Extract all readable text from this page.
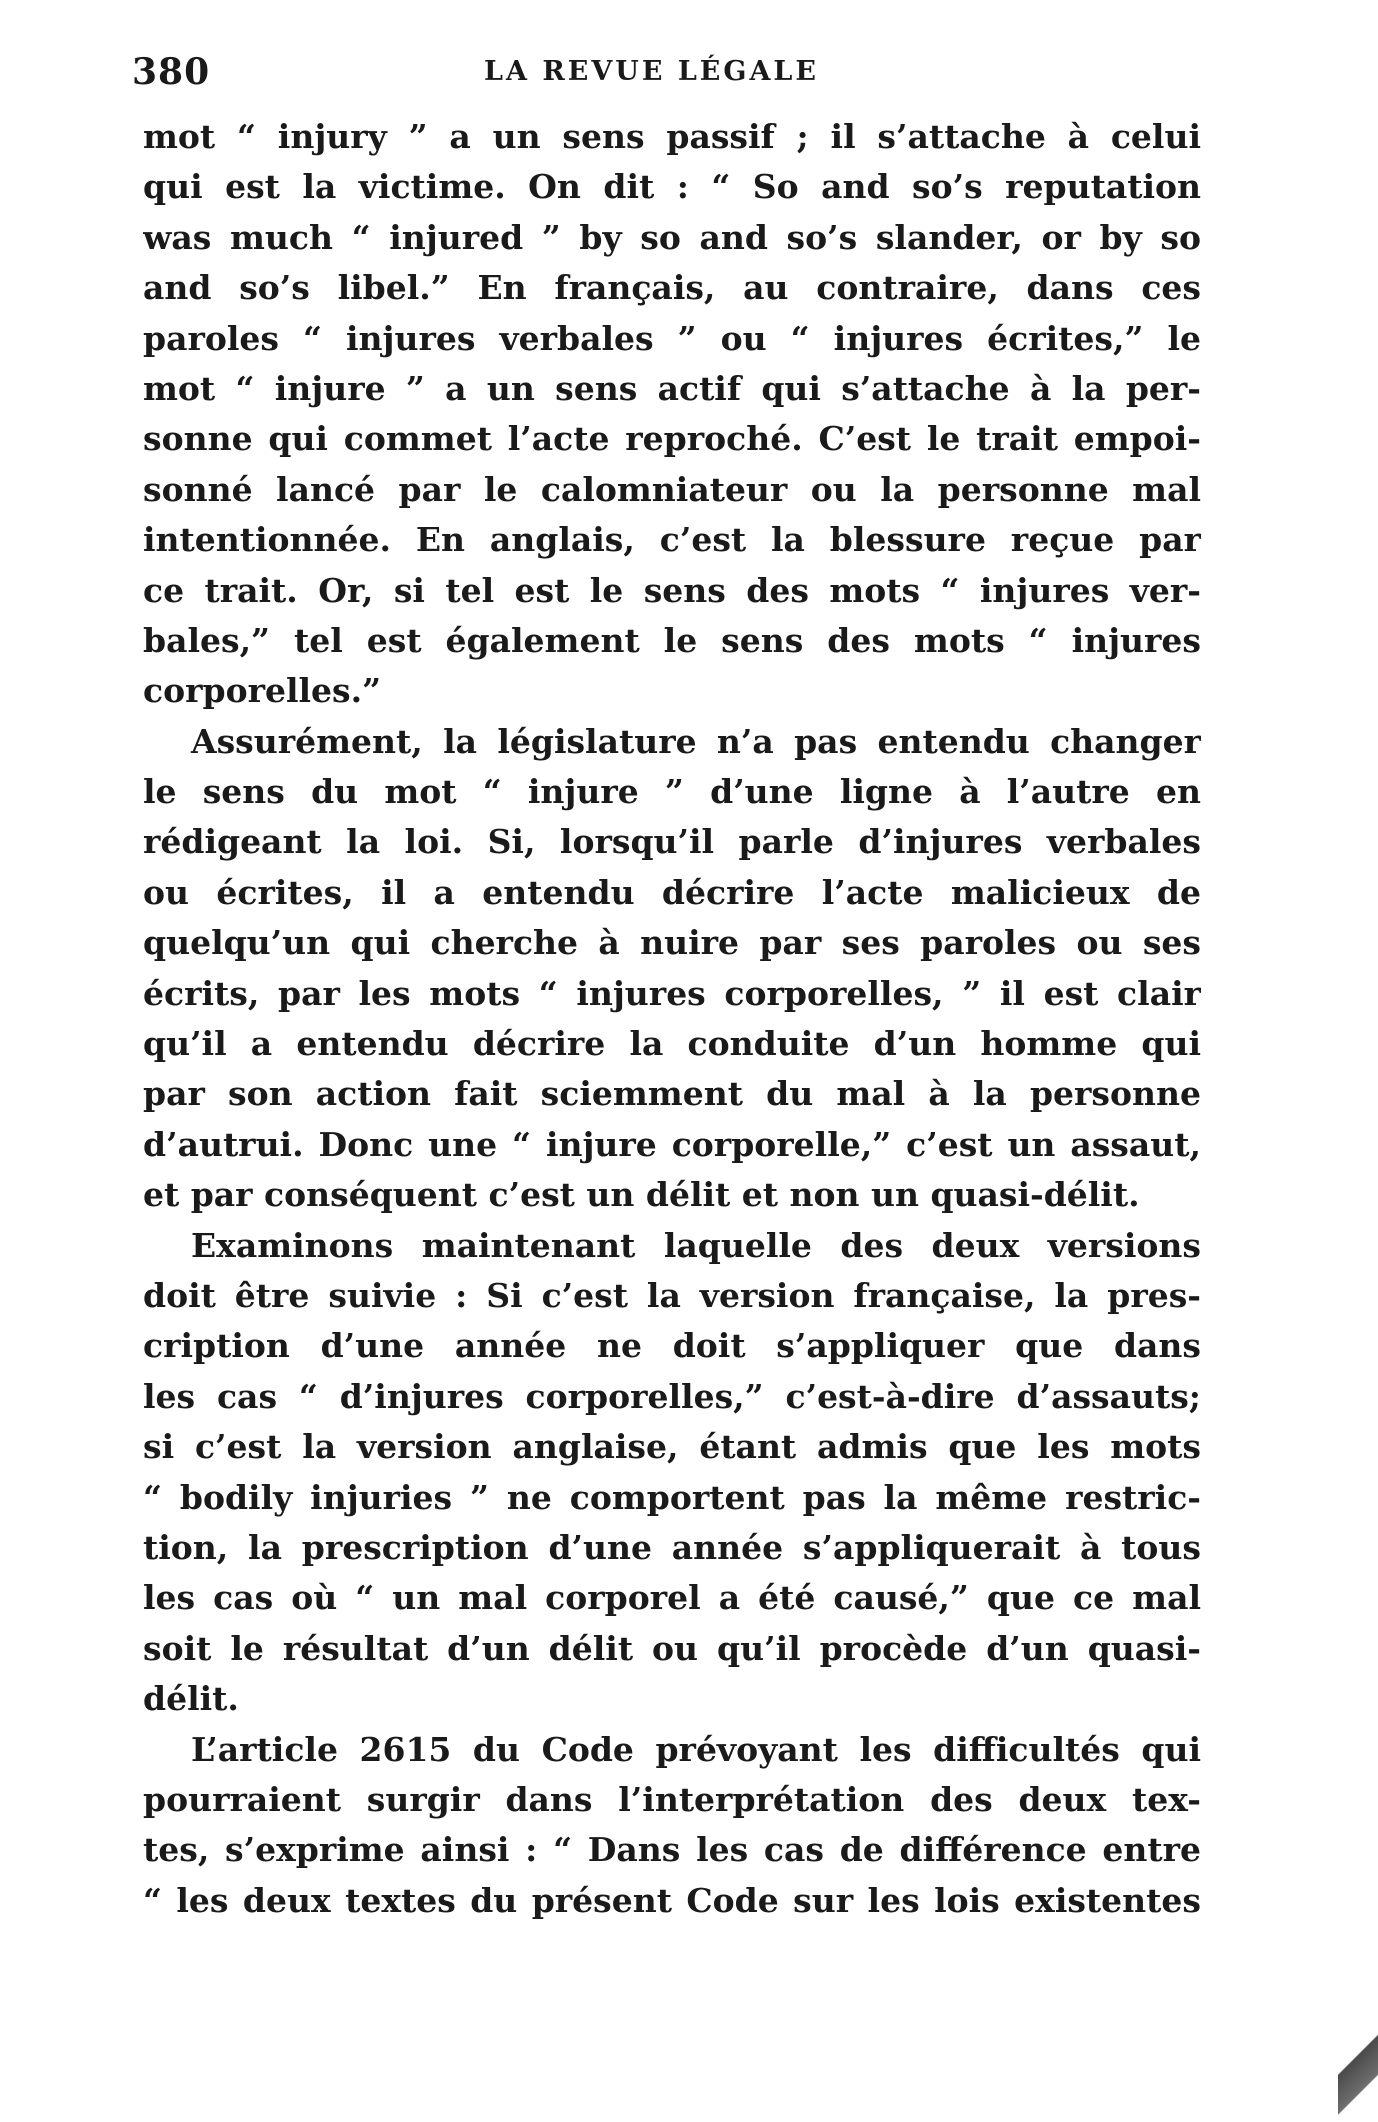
380	LA REVUE LÉGALE
mot “ injury ” a un sens passif ; il s’attache à celui
qui est la victime. On dit : “ So and so’s reputation
was much “ injured ” by so and so’s slander, or by so
and so’s libel.” En français, au contraire, dans ces
paroles “ injures verbales ” ou “ injures écrites,” le
mot “ injure ” a un sens actif qui s’attache à la per-
sonne qui commet l’acte reproché. C’est le trait empoi-
sonné lancé par le calomniateur ou la personne mal
intentionnée. En anglais, c’est la blessure reçue par
ce trait. Or, si tel est le sens des mots “ injures ver-
bales,” tel est également le sens des mots “ injures
corporelles.”
Assurément, la législature n’a pas entendu changer
le sens du mot “ injure ” d’une ligne à l’autre en
rédigeant la loi. Si, lorsqu’il parle d’injures verbales
ou écrites, il a entendu décrire l’acte malicieux de
quelqu’un qui cherche à nuire par ses paroles ou ses
écrits, par les mots “ injures corporelles, ” il est clair
qu’il a entendu décrire la conduite d’un homme qui
par son action fait sciemment du mal à la personne
d’autrui. Donc une “ injure corporelle,” c’est un assaut,
et par conséquent c’est un délit et non un quasi-délit.
Examinons maintenant laquelle des deux versions
doit être suivie : Si c’est la version française, la pres-
cription d’une année ne doit s’appliquer que dans
les cas “ d’injures corporelles,” c’est-à-dire d’assauts;
si c’est la version anglaise, étant admis que les mots
“ bodily injuries ” ne comportent pas la même restric-
tion, la prescription d’une année s’appliquerait à tous
les cas où “ un mal corporel a été causé,” que ce mal
soit le résultat d’un délit ou qu’il procède d’un quasi-
délit.
L’article 2615 du Code prévoyant les difficultés qui
pourraient surgir dans l’interprétation des deux tex-
tes, s’exprime ainsi : “ Dans les cas de différence entre
“ les deux textes du présent Code sur les lois existentes
